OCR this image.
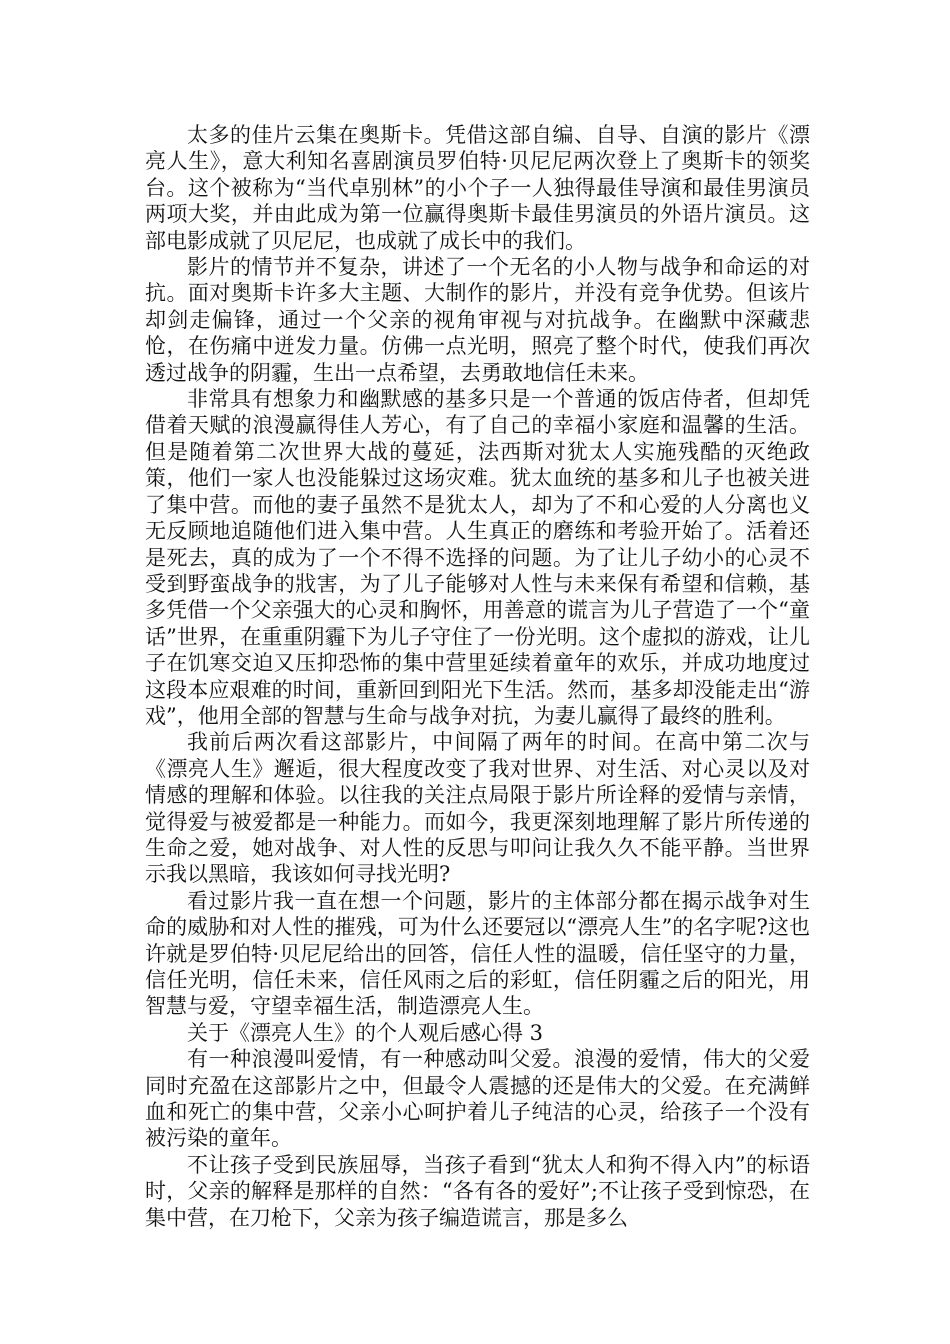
太多的佳片云集在奥斯卡。凭借这部自编、自导、自演的影片《漂亮人生》，意大利知名喜剧演员罗伯特·贝尼尼两次登上了奥斯卡的领奖台。这个被称为“当代卓别林”的小个子一人独得最佳导演和最佳男演员两项大奖，并由此成为第一位赢得奥斯卡最佳男演员的外语片演员。这部电影成就了贝尼尼，也成就了成长中的我们。

影片的情节并不复杂，讲述了一个无名的小人物与战争和命运的对抗。面对奥斯卡许多大主题、大制作的影片，并没有竞争优势。但该片却剑走偏锋，通过一个父亲的视角审视与对抗战争。在幽默中深藏悲怆，在伤痛中迸发力量。仿佛一点光明，照亮了整个时代，使我们再次透过战争的阴霾，生出一点希望，去勇敢地信任未来。

非常具有想象力和幽默感的基多只是一个普通的饭店侍者，但却凭借着天赋的浪漫赢得佳人芳心，有了自己的幸福小家庭和温馨的生活。但是随着第二次世界大战的蔓延，法西斯对犹太人实施残酷的灭绝政策，他们一家人也没能躲过这场灾难。犹太血统的基多和儿子也被关进了集中营。而他的妻子虽然不是犹太人，却为了不和心爱的人分离也义无反顾地追随他们进入集中营。人生真正的磨练和考验开始了。活着还是死去，真的成为了一个不得不选择的问题。为了让儿子幼小的心灵不受到野蛮战争的戕害，为了儿子能够对人性与未来保有希望和信赖，基多凭借一个父亲强大的心灵和胸怀，用善意的谎言为儿子营造了一个“童话”世界，在重重阴霾下为儿子守住了一份光明。这个虚拟的游戏，让儿子在饥寒交迫又压抑恐怖的集中营里延续着童年的欢乐，并成功地度过这段本应艰难的时间，重新回到阳光下生活。然而，基多却没能走出“游戏”，他用全部的智慧与生命与战争对抗，为妻儿赢得了最终的胜利。

我前后两次看这部影片，中间隔了两年的时间。在高中第二次与《漂亮人生》邂逅，很大程度改变了我对世界、对生活、对心灵以及对情感的理解和体验。以往我的关注点局限于影片所诠释的爱情与亲情，觉得爱与被爱都是一种能力。而如今，我更深刻地理解了影片所传递的生命之爱，她对战争、对人性的反思与叩问让我久久不能平静。当世界示我以黑暗，我该如何寻找光明?

看过影片我一直在想一个问题，影片的主体部分都在揭示战争对生命的威胁和对人性的摧残，可为什么还要冠以“漂亮人生”的名字呢?这也许就是罗伯特·贝尼尼给出的回答，信任人性的温暖，信任坚守的力量，信任光明，信任未来，信任风雨之后的彩虹，信任阴霾之后的阳光，用智慧与爱，守望幸福生活，制造漂亮人生。

关于《漂亮人生》的个人观后感心得 3

有一种浪漫叫爱情，有一种感动叫父爱。浪漫的爱情，伟大的父爱同时充盈在这部影片之中，但最令人震撼的还是伟大的父爱。在充满鲜血和死亡的集中营，父亲小心呵护着儿子纯洁的心灵，给孩子一个没有被污染的童年。

不让孩子受到民族屈辱，当孩子看到“犹太人和狗不得入内”的标语时，父亲的解释是那样的自然：“各有各的爱好”;不让孩子受到惊恐，在集中营，在刀枪下，父亲为孩子编造谎言，那是多么
